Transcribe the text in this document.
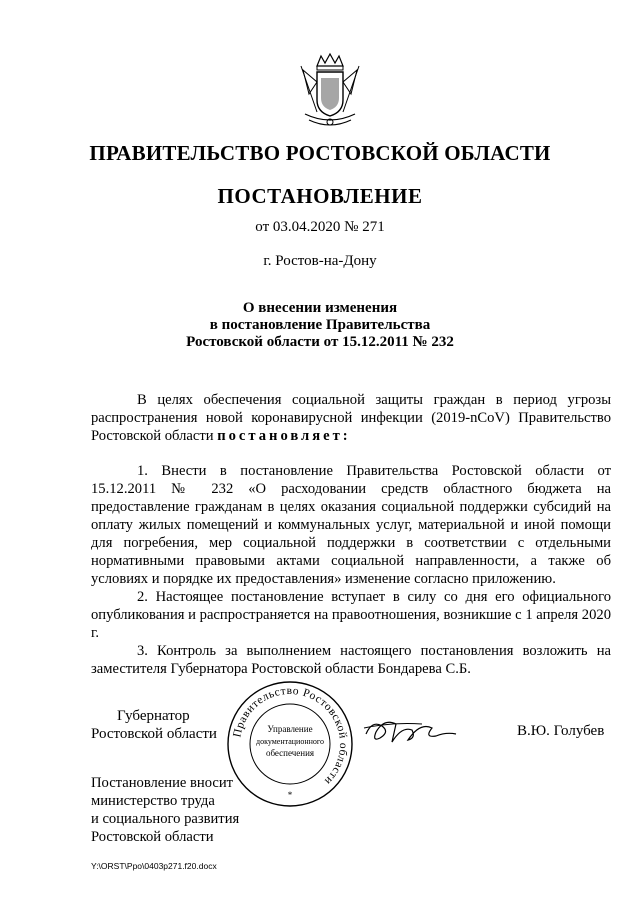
ПРАВИТЕЛЬСТВО РОСТОВСКОЙ ОБЛАСТИ
ПОСТАНОВЛЕНИЕ
от 03.04.2020 № 271
г. Ростов-на-Дону
О внесении изменения
в постановление Правительства
Ростовской области от 15.12.2011 № 232

В целях обеспечения социальной защиты граждан в период угрозы распространения новой коронавирусной инфекции (2019-nCoV) Правительство Ростовской области постановляет:

1. Внести в постановление Правительства Ростовской области от 15.12.2011 № 232 «О расходовании средств областного бюджета на предоставление гражданам в целях оказания социальной поддержки субсидий на оплату жилых помещений и коммунальных услуг, материальной и иной помощи для погребения, мер социальной поддержки в соответствии с отдельными нормативными правовыми актами социальной направленности, а также об условиях и порядке их предоставления» изменение согласно приложению.

2. Настоящее постановление вступает в силу со дня его официального опубликования и распространяется на правоотношения, возникшие с 1 апреля 2020 г.

3. Контроль за выполнением настоящего постановления возложить на заместителя Губернатора Ростовской области Бондарева С.Б.

Губернатор
Ростовской области Правительство Ростовской области
Управление
документационного
обеспечения
*
В.Ю. Голубев
Постановление вносит
министерство труда
и социального развития
Ростовской области
Y:\ORST\Ppo\0403p271.f20.docx
